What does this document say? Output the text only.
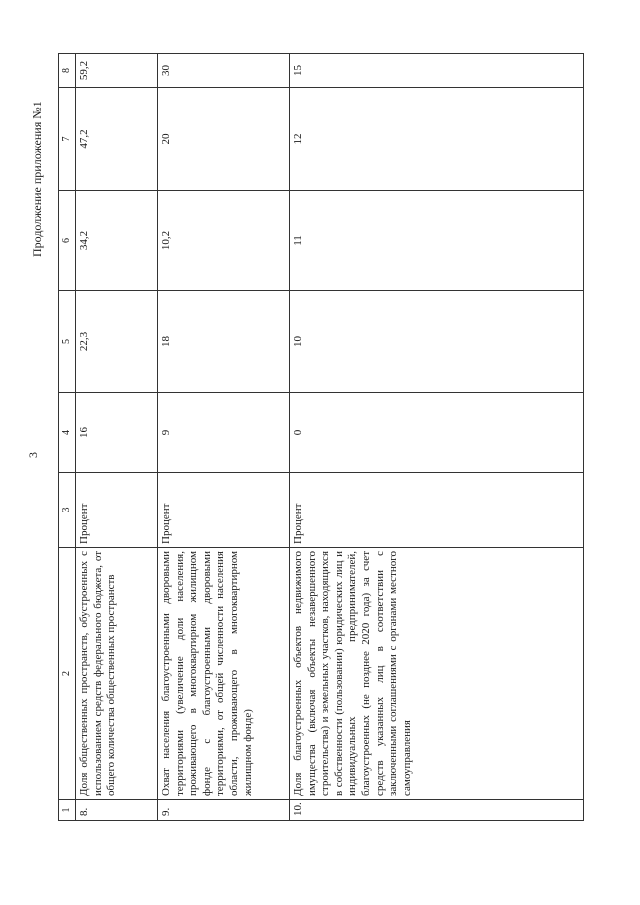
3
Продолжение приложения №1
1	2	3	4	5	6	7	8
8.	Доля общественных пространств, обустроенных с использованием средств федерального бюджета, от общего количества общественных пространств	Процент	16	22,3	34,2	47,2	59,2
9.	Охват населения благоустроенными дворовыми территориями (увеличение доли населения, проживающего в многоквартирном жилищном фонде с благоустроенными дворовыми территориями, от общей численности населения области, проживающего в многоквартирном жилищном фонде)	Процент	9	18	10,2	20	30
10.	Доля благоустроенных объектов недвижимого имущества (включая объекты незавершенного строительства) и земельных участков, находящихся в собственности (пользовании) юридических лиц и индивидуальных предпринимателей, благоустроенных (не позднее 2020 года) за счет средств указанных лиц в соответствии с заключенными соглашениями с органами местного самоуправления	Процент	0	10	11	12	15
